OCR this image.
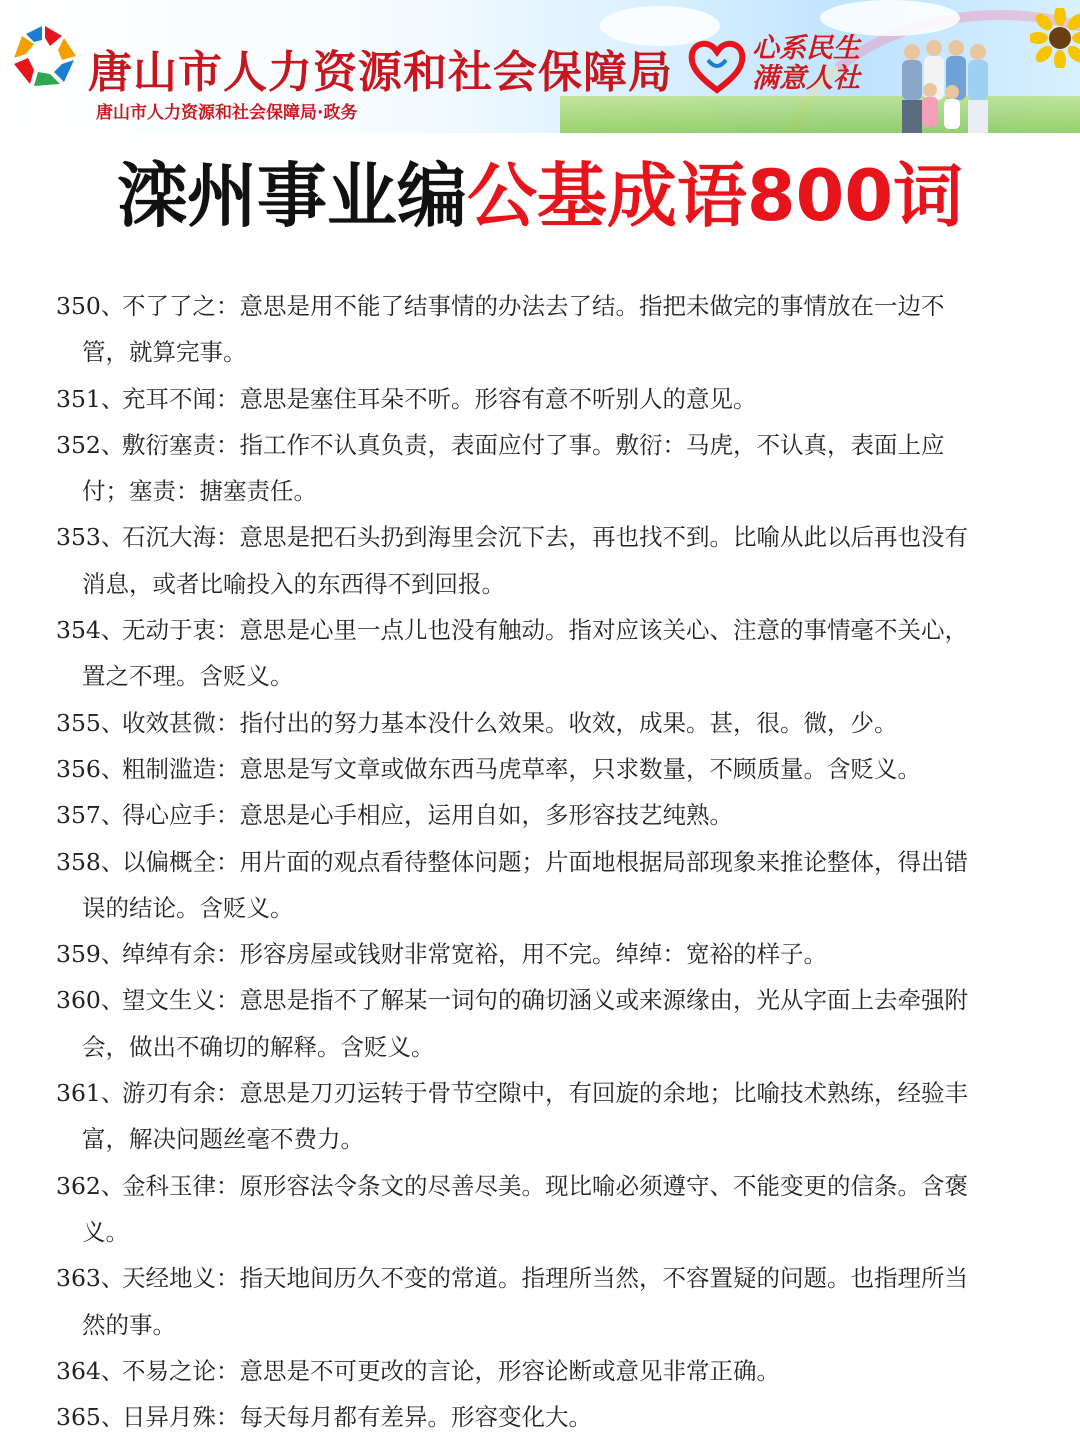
唐山市人力资源和社会保障局
唐山市人力资源和社会保障局·政务
心系民生
满意人社
滦州事业编公基成语800词
350、不了了之：意思是用不能了结事情的办法去了结。指把未做完的事情放在一边不
管，就算完事。
351、充耳不闻：意思是塞住耳朵不听。形容有意不听别人的意见。
352、敷衍塞责：指工作不认真负责，表面应付了事。敷衍：马虎，不认真，表面上应
付；塞责：搪塞责任。
353、石沉大海：意思是把石头扔到海里会沉下去，再也找不到。比喻从此以后再也没有
消息，或者比喻投入的东西得不到回报。
354、无动于衷：意思是心里一点儿也没有触动。指对应该关心、注意的事情毫不关心，
置之不理。含贬义。
355、收效甚微：指付出的努力基本没什么效果。收效，成果。甚，很。微，少。
356、粗制滥造：意思是写文章或做东西马虎草率，只求数量，不顾质量。含贬义。
357、得心应手：意思是心手相应，运用自如，多形容技艺纯熟。
358、以偏概全：用片面的观点看待整体问题；片面地根据局部现象来推论整体，得出错
误的结论。含贬义。
359、绰绰有余：形容房屋或钱财非常宽裕，用不完。绰绰：宽裕的样子。
360、望文生义：意思是指不了解某一词句的确切涵义或来源缘由，光从字面上去牵强附
会，做出不确切的解释。含贬义。
361、游刃有余：意思是刀刃运转于骨节空隙中，有回旋的余地；比喻技术熟练，经验丰
富，解决问题丝毫不费力。
362、金科玉律：原形容法令条文的尽善尽美。现比喻必须遵守、不能变更的信条。含褒
义。
363、天经地义：指天地间历久不变的常道。指理所当然，不容置疑的问题。也指理所当
然的事。
364、不易之论：意思是不可更改的言论，形容论断或意见非常正确。
365、日异月殊：每天每月都有差异。形容变化大。
